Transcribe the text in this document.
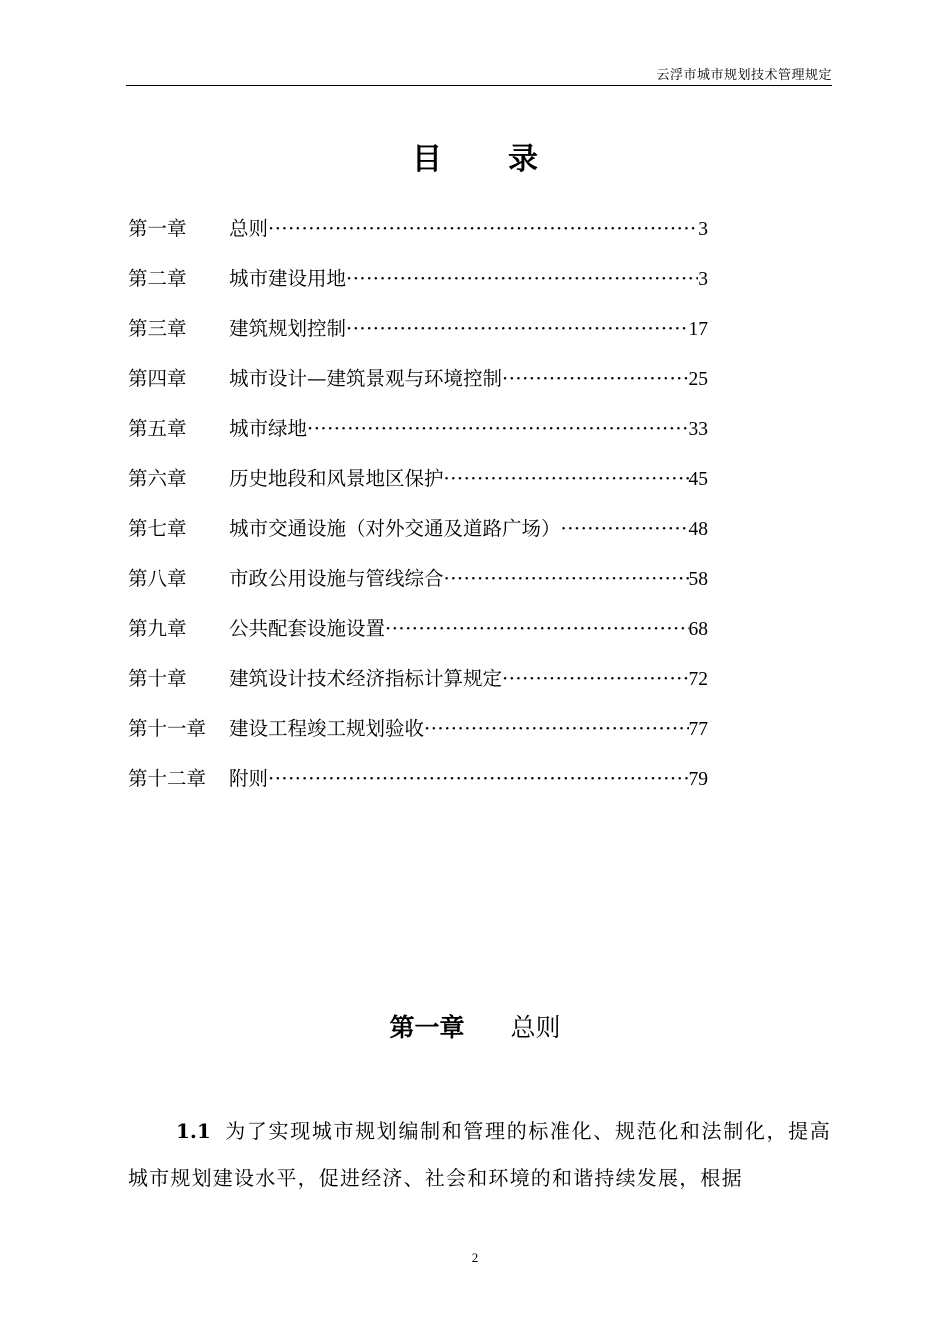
云浮市城市规划技术管理规定
目 录
第一章 总则 ·····	3
第二章 城市建设用地 ·····	3
第三章 建筑规划控制 ·····	17
第四章 城市设计—建筑景观与环境控制 ·····	25
第五章 城市绿地 ·····	33
第六章 历史地段和风景地区保护 ·····	45
第七章 城市交通设施（对外交通及道路广场） ·····	48
第八章 市政公用设施与管线综合 ·····	58
第九章 公共配套设施设置 ·····	68
第十章 建筑设计技术经济指标计算规定 ·····	72
第十一章 建设工程竣工规划验收 ·····	77
第十二章 附则 ·····	79
第一章 总则
1.1 为了实现城市规划编制和管理的标准化、规范化和法制化，提高城市规划建设水平，促进经济、社会和环境的和谐持续发展，根据
2
